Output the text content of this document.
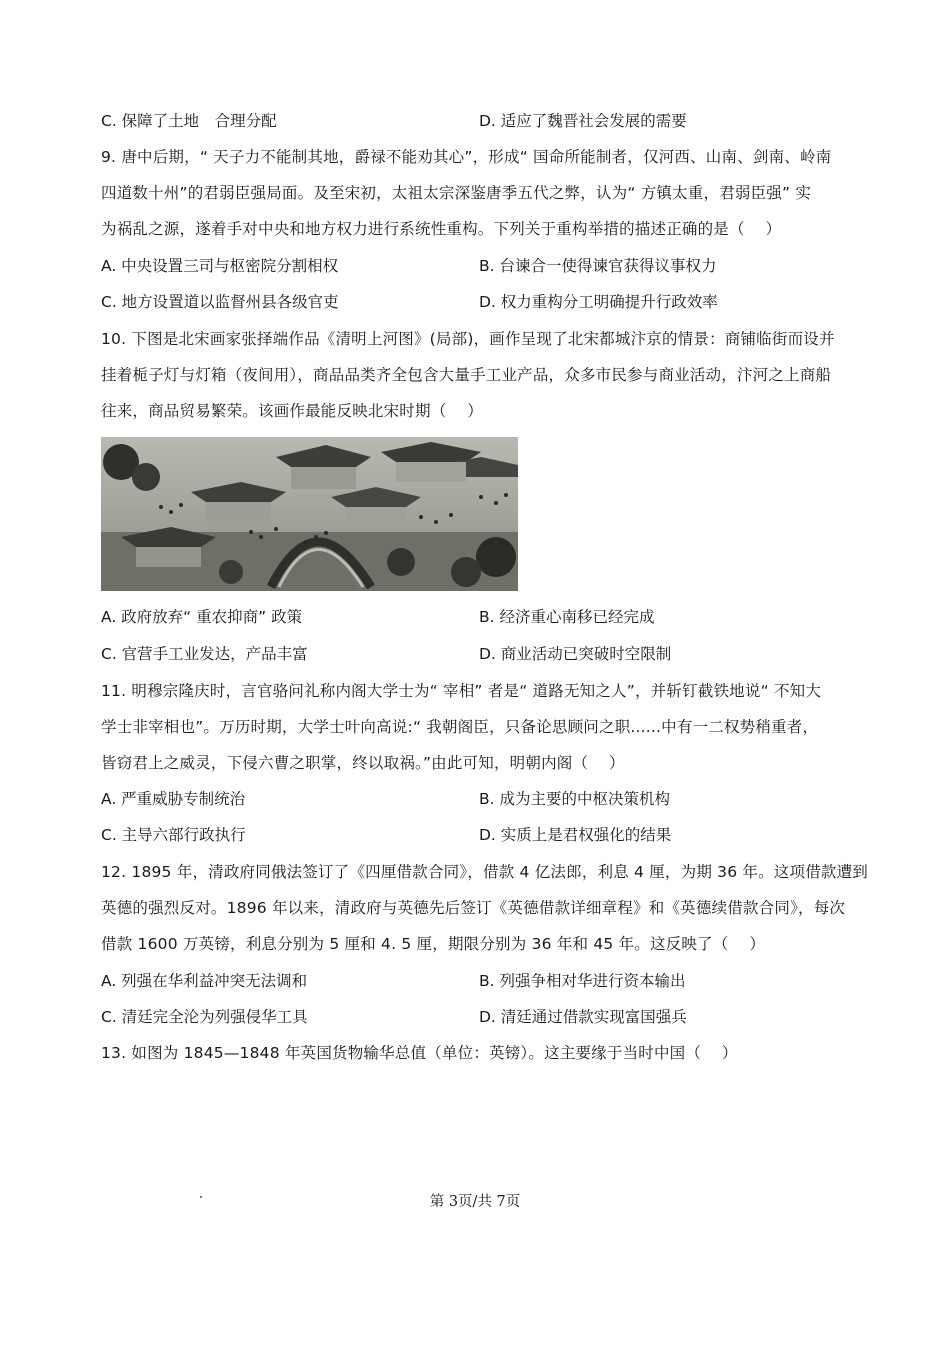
C. 保障了土地　合理分配	D. 适应了魏晋社会发展的需要
9. 唐中后期，“ 天子力不能制其地，爵禄不能劝其心”，形成“ 国命所能制者，仅河西、山南、剑南、岭南
四道数十州”的君弱臣强局面。及至宋初，太祖太宗深鉴唐季五代之弊，认为“ 方镇太重，君弱臣强” 实
为祸乱之源，遂着手对中央和地方权力进行系统性重构。下列关于重构举措的描述正确的是（　 ）
A. 中央设置三司与枢密院分割相权	B. 台谏合一使得谏官获得议事权力
C. 地方设置道以监督州县各级官吏	D. 权力重构分工明确提升行政效率
10. 下图是北宋画家张择端作品《清明上河图》(局部)，画作呈现了北宋都城汴京的情景：商铺临街而设并
挂着栀子灯与灯箱（夜间用），商品品类齐全包含大量手工业产品，众多市民参与商业活动，汴河之上商船
往来，商品贸易繁荣。该画作最能反映北宋时期（　 ）
A. 政府放弃“ 重农抑商” 政策	B. 经济重心南移已经完成
C. 官营手工业发达，产品丰富	D. 商业活动已突破时空限制
11. 明穆宗隆庆时，言官骆问礼称内阁大学士为“ 宰相” 者是“ 道路无知之人”，并斩钉截铁地说“ 不知大
学士非宰相也”。万历时期，大学士叶向高说:“ 我朝阁臣，只备论思顾问之职......中有一二权势稍重者，
皆窃君上之威灵，下侵六曹之职掌，终以取祸。”由此可知，明朝内阁（　 ）
A. 严重威胁专制统治	B. 成为主要的中枢决策机构
C. 主导六部行政执行	D. 实质上是君权强化的结果
12. 1895 年，清政府同俄法签订了《四厘借款合同》，借款 4 亿法郎，利息 4 厘，为期 36 年。这项借款遭到
英德的强烈反对。1896 年以来，清政府与英德先后签订《英德借款详细章程》和《英德续借款合同》，每次
借款 1600 万英镑，利息分别为 5 厘和 4. 5 厘，期限分别为 36 年和 45 年。这反映了（　 ）
A. 列强在华利益冲突无法调和	B. 列强争相对华进行资本输出
C. 清廷完全沦为列强侵华工具	D. 清廷通过借款实现富国强兵
13. 如图为 1845—1848 年英国货物输华总值（单位：英镑）。这主要缘于当时中国（　 ）
第 3页/共 7页
